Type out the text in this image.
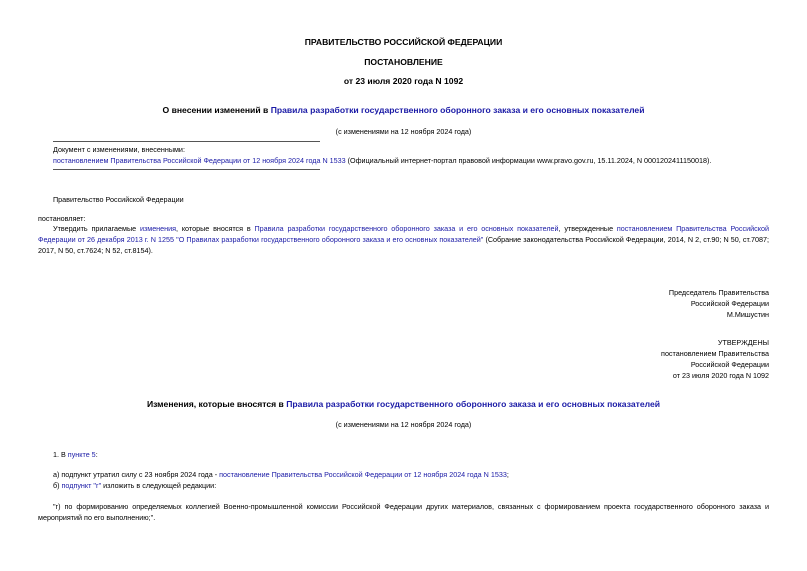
ПРАВИТЕЛЬСТВО РОССИЙСКОЙ ФЕДЕРАЦИИ
ПОСТАНОВЛЕНИЕ
от 23 июля 2020 года N 1092
О внесении изменений в Правила разработки государственного оборонного заказа и его основных показателей
(с изменениями на 12 ноября 2024 года)
Документ с изменениями, внесенными:
постановлением Правительства Российской Федерации от 12 ноября 2024 года N 1533 (Официальный интернет-портал правовой информации www.pravo.gov.ru, 15.11.2024, N 0001202411150018).
Правительство Российской Федерации
постановляет:
Утвердить прилагаемые изменения, которые вносятся в Правила разработки государственного оборонного заказа и его основных показателей, утвержденные постановлением Правительства Российской Федерации от 26 декабря 2013 г. N 1255 "О Правилах разработки государственного оборонного заказа и его основных показателей" (Собрание законодательства Российской Федерации, 2014, N 2, ст.90; N 50, ст.7087; 2017, N 50, ст.7624; N 52, ст.8154).
Председатель Правительства
Российской Федерации
М.Мишустин
УТВЕРЖДЕНЫ
постановлением Правительства
Российской Федерации
от 23 июля 2020 года N 1092
Изменения, которые вносятся в Правила разработки государственного оборонного заказа и его основных показателей
(с изменениями на 12 ноября 2024 года)
1. В пункте 5:
а) подпункт утратил силу с 23 ноября 2024 года - постановление Правительства Российской Федерации от 12 ноября 2024 года N 1533;
б) подпункт "г" изложить в следующей редакции:
"г) по формированию определяемых коллегией Военно-промышленной комиссии Российской Федерации других материалов, связанных с формированием проекта государственного оборонного заказа и мероприятий по его выполнению;".
